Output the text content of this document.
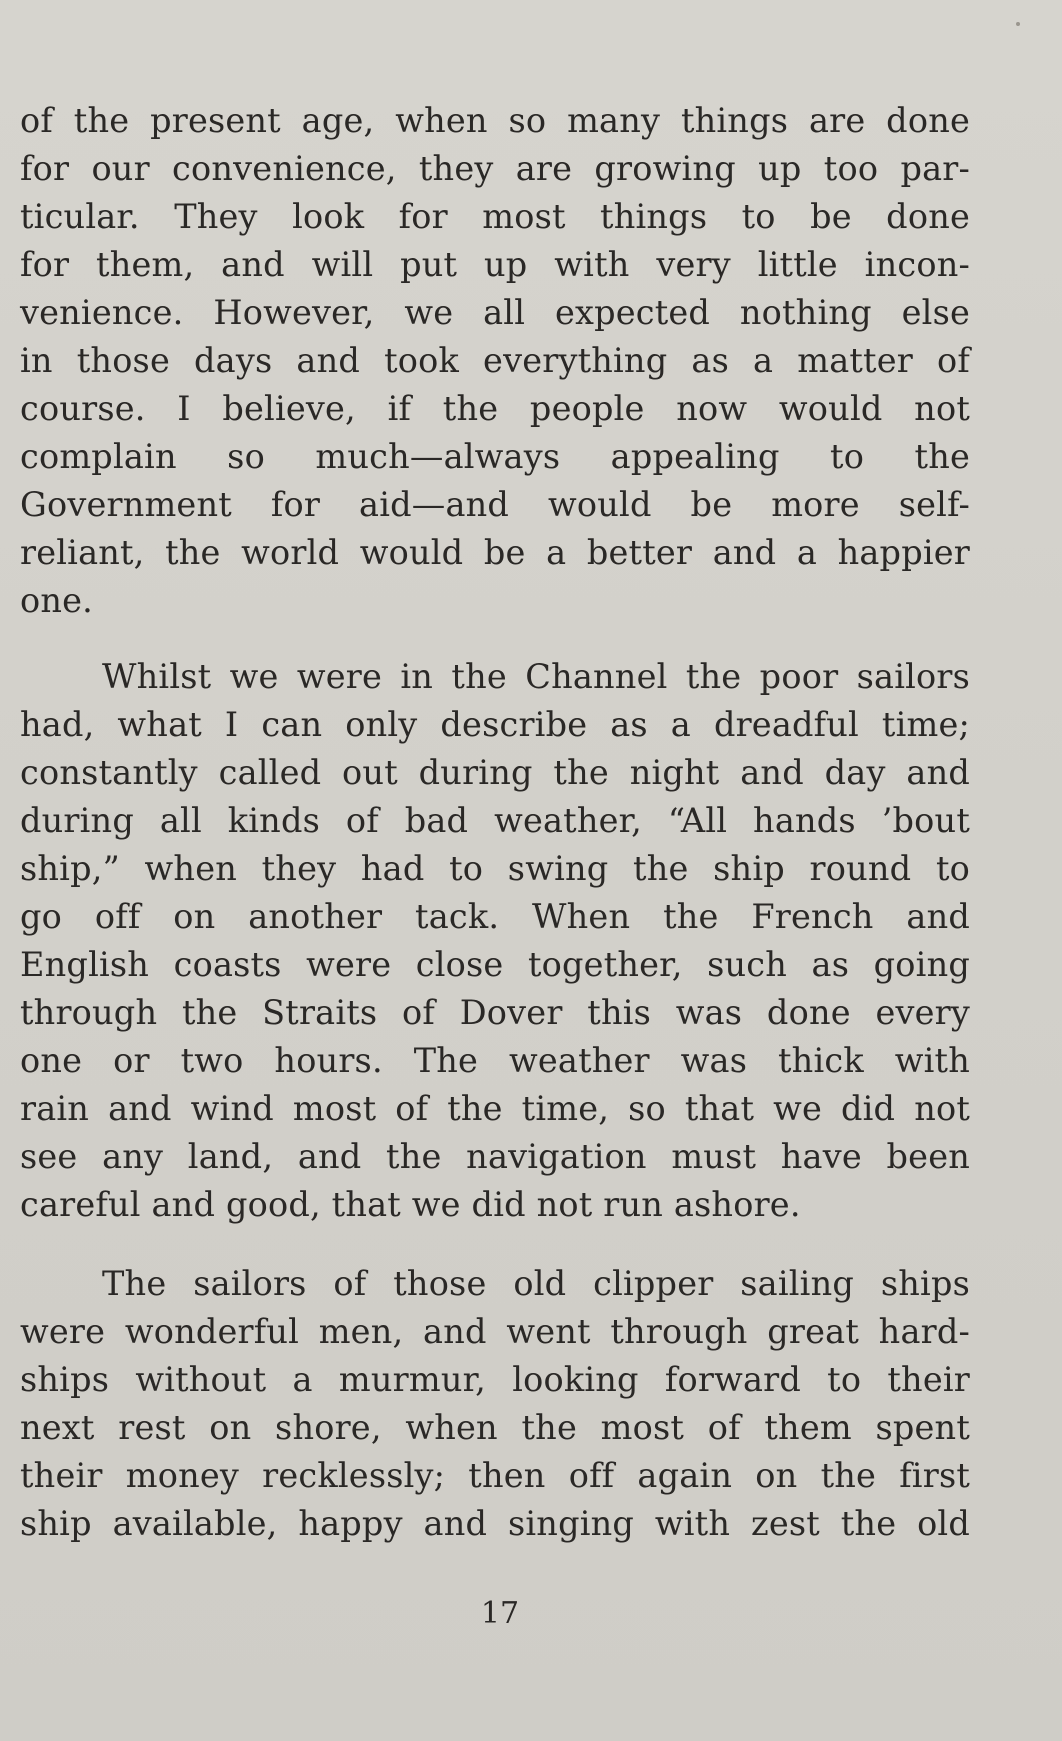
of the present age, when so many things are done
for our convenience, they are growing up too par-
ticular. They look for most things to be done
for them, and will put up with very little incon-
venience. However, we all expected nothing else
in those days and took everything as a matter of
course. I believe, if the people now would not
complain so much—always appealing to the
Government for aid—and would be more self-
reliant, the world would be a better and a happier
one.
Whilst we were in the Channel the poor sailors
had, what I can only describe as a dreadful time;
constantly called out during the night and day and
during all kinds of bad weather, “All hands ’bout
ship,” when they had to swing the ship round to
go off on another tack. When the French and
English coasts were close together, such as going
through the Straits of Dover this was done every
one or two hours. The weather was thick with
rain and wind most of the time, so that we did not
see any land, and the navigation must have been
careful and good, that we did not run ashore.
The sailors of those old clipper sailing ships
were wonderful men, and went through great hard-
ships without a murmur, looking forward to their
next rest on shore, when the most of them spent
their money recklessly; then off again on the first
ship available, happy and singing with zest the old
17
